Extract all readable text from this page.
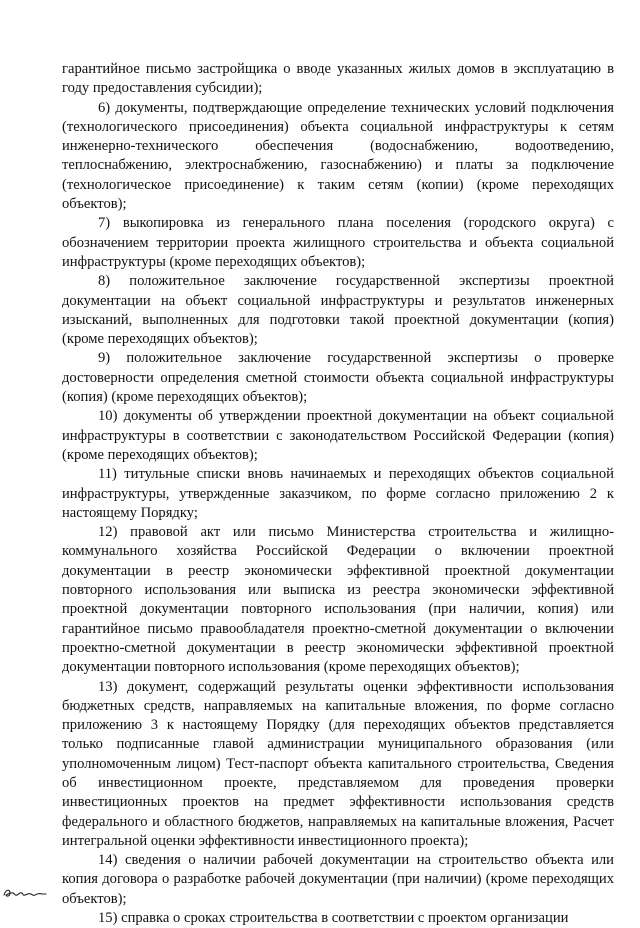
гарантийное письмо застройщика о вводе указанных жилых домов в эксплуатацию в году предоставления субсидии);

6) документы, подтверждающие определение технических условий подключения (технологического присоединения) объекта социальной инфраструктуры к сетям инженерно-технического обеспечения (водоснабжению, водоотведению, теплоснабжению, электроснабжению, газоснабжению) и платы за подключение (технологическое присоединение) к таким сетям (копии) (кроме переходящих объектов);

7) выкопировка из генерального плана поселения (городского округа) с обозначением территории проекта жилищного строительства и объекта социальной инфраструктуры (кроме переходящих объектов);

8) положительное заключение государственной экспертизы проектной документации на объект социальной инфраструктуры и результатов инженерных изысканий, выполненных для подготовки такой проектной документации (копия) (кроме переходящих объектов);

9) положительное заключение государственной экспертизы о проверке достоверности определения сметной стоимости объекта социальной инфраструктуры (копия) (кроме переходящих объектов);

10) документы об утверждении проектной документации на объект социальной инфраструктуры в соответствии с законодательством Российской Федерации (копия) (кроме переходящих объектов);

11) титульные списки вновь начинаемых и переходящих объектов социальной инфраструктуры, утвержденные заказчиком, по форме согласно приложению 2 к настоящему Порядку;

12) правовой акт или письмо Министерства строительства и жилищно-коммунального хозяйства Российской Федерации о включении проектной документации в реестр экономически эффективной проектной документации повторного использования или выписка из реестра экономически эффективной проектной документации повторного использования (при наличии, копия) или гарантийное письмо правообладателя проектно-сметной документации о включении проектно-сметной документации в реестр экономически эффективной проектной документации повторного использования (кроме переходящих объектов);

13) документ, содержащий результаты оценки эффективности использования бюджетных средств, направляемых на капитальные вложения, по форме согласно приложению 3 к настоящему Порядку (для переходящих объектов представляется только подписанные главой администрации муниципального образования (или уполномоченным лицом) Тест-паспорт объекта капитального строительства, Сведения об инвестиционном проекте, представляемом для проведения проверки инвестиционных проектов на предмет эффективности использования средств федерального и областного бюджетов, направляемых на капитальные вложения, Расчет интегральной оценки эффективности инвестиционного проекта);

14) сведения о наличии рабочей документации на строительство объекта или копия договора о разработке рабочей документации (при наличии) (кроме переходящих объектов);

15) справка о сроках строительства в соответствии с проектом организации
